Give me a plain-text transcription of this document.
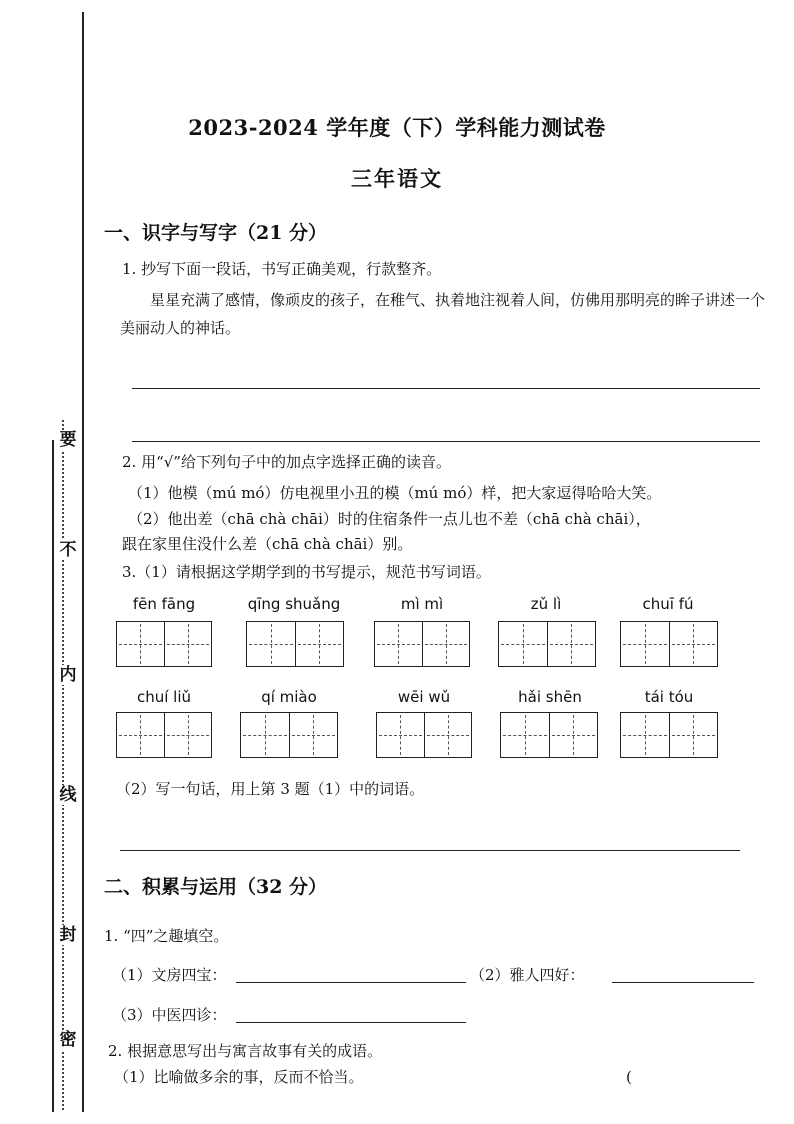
要
不
内
线
封
密
2023-2024 学年度（下）学科能力测试卷
三年语文
一、识字与写字（21 分）
1. 抄写下面一段话，书写正确美观，行款整齐。
星星充满了感情，像顽皮的孩子，在稚气、执着地注视着人间，仿佛用那明亮的眸子讲述一个美丽动人的神话。
2. 用“√”给下列句子中的加点字选择正确的读音。
（1）他模（mú mó）仿电视里小丑的模（mú mó）样，把大家逗得哈哈大笑。
（2）他出差（chā chà chāi）时的住宿条件一点儿也不差（chā chà chāi），
跟在家里住没什么差（chā chà chāi）别。
3.（1）请根据这学期学到的书写提示，规范书写词语。
fēn fāng	qīng shuǎng	mì mì	zǔ lì	chuī fú
chuí liǔ	qí miào	wēi wǔ	hǎi shēn	tái tóu
（2）写一句话，用上第 3 题（1）中的词语。
二、积累与运用（32 分）
1. “四”之趣填空。
（1）文房四宝：	（2）雅人四好：
（3）中医四诊：
2. 根据意思写出与寓言故事有关的成语。
（1）比喻做多余的事，反而不恰当。	(
